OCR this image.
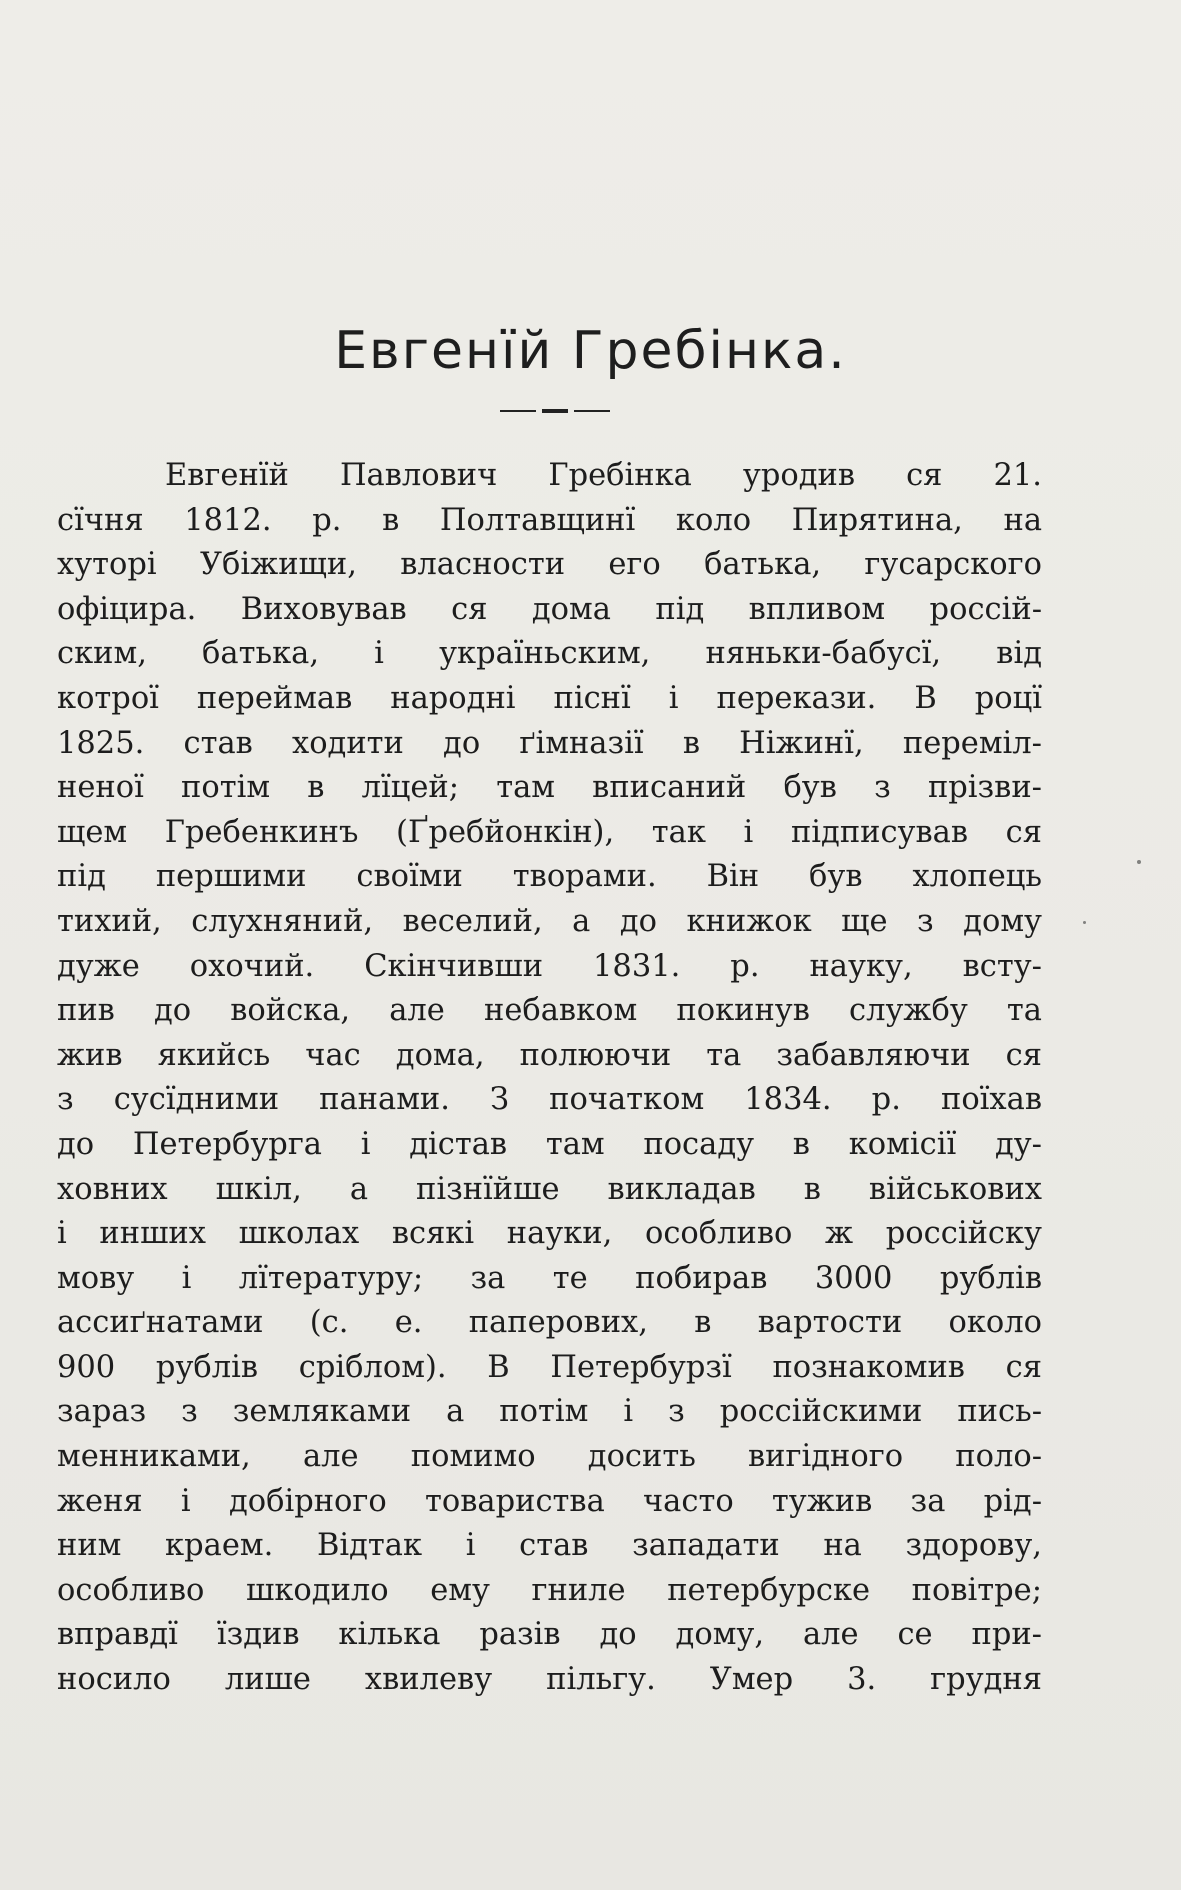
Евгенїй Гребінка.
Евгенїй Павлович Гребінка уродив ся 21.
сїчня 1812. р. в Полтавщинї коло Пирятина, на
хуторі Убіжищи, власности его батька, гусарского
офіцира. Виховував ся дома під впливом россій-
ским, батька, і україньским, няньки-бабусї, від
котрої переймав народні піснї і перекази. В роцї
1825. став ходити до ґімназії в Ніжинї, переміл-
неної потім в лїцей; там вписаний був з прізви-
щем Гребенкинъ (Ґребйонкін), так і підписував ся
під першими своїми творами. Він був хлопець
тихий, слухняний, веселий, а до книжок ще з дому
дуже охочий. Скінчивши 1831. р. науку, всту-
пив до войска, але небавком покинув службу та
жив якийсь час дома, полюючи та забавляючи ся
з сусїдними панами. З початком 1834. р. поїхав
до Петербурга і дістав там посаду в комісії ду-
ховних шкіл, а пізнїйше викладав в військових
і инших школах всякі науки, особливо ж россійску
мову і лїтературу; за те побирав 3000 рублів
ассиґнатами (с. е. паперових, в вартости около
900 рублів сріблом). В Петербурзї познакомив ся
зараз з земляками а потім і з россійскими пись-
менниками, але помимо досить вигідного поло-
женя і добірного товариства часто тужив за рід-
ним краем. Відтак і став западати на здорову,
особливо шкодило ему гниле петербурске повітре;
вправдї їздив кілька разів до дому, але се при-
носило лише хвилеву пільгу. Умер 3. грудня
